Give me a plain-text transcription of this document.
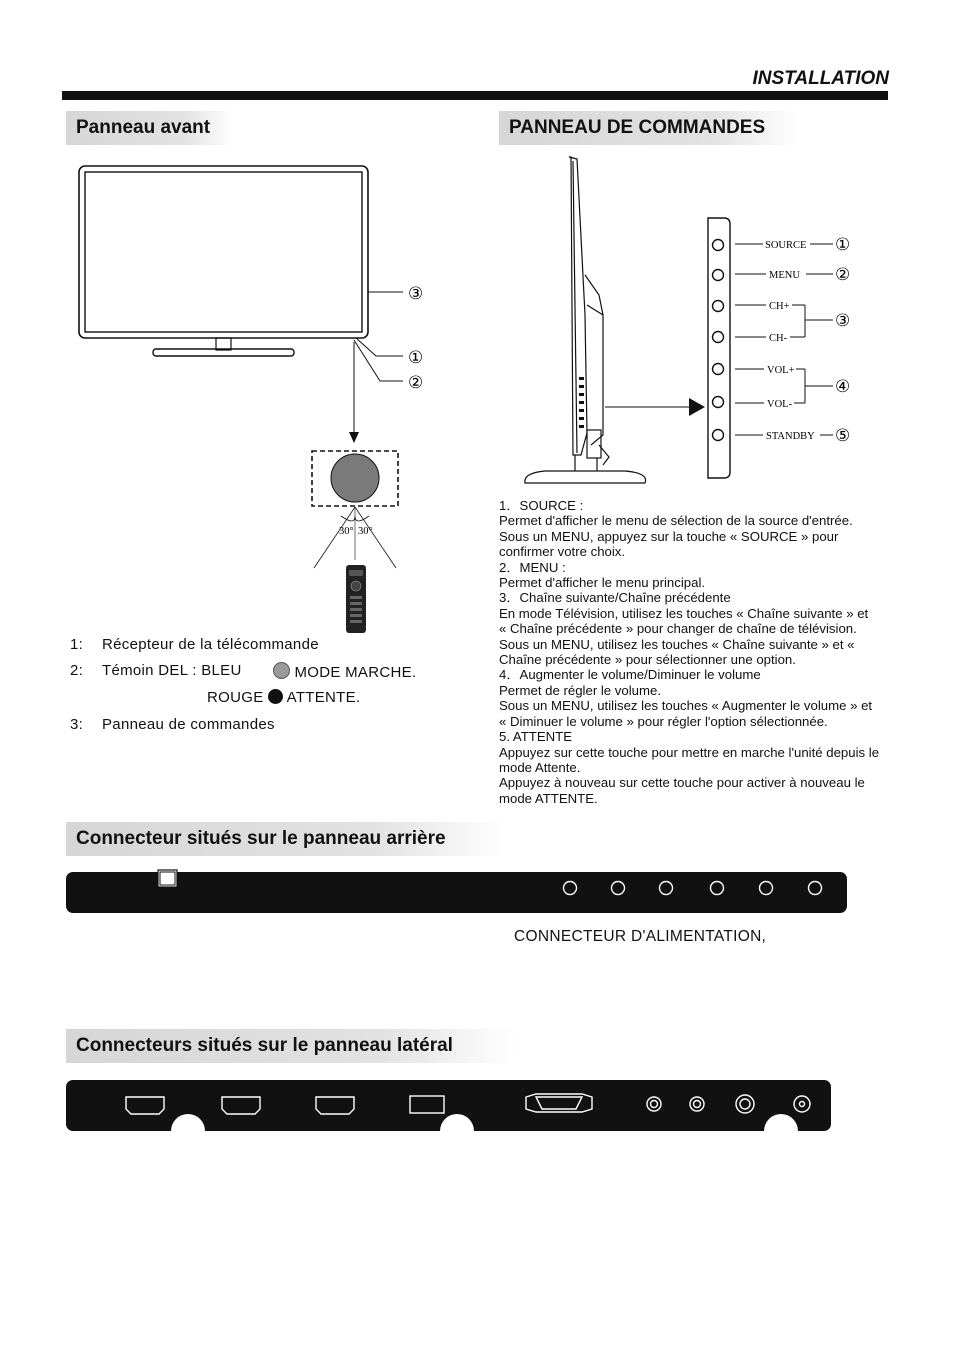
INSTALLATION
Panneau avant
③
①
②
30° 30°
1: Récepteur de la télécommande
2: Témoin DEL : BLEU	MODE MARCHE.
ROUGE ATTENTE.
3: Panneau de commandes
PANNEAU DE COMMANDES
SOURCE ①
MENU ②
CH+
CH-
③
VOL+
VOL-
④
STANDBY ⑤

1．SOURCE :

Permet d'afficher le menu de sélection de la source d'entrée.

Sous un MENU, appuyez sur la touche « SOURCE » pour

confirmer votre choix.

2．MENU :

Permet d'afficher le menu principal.

3．Chaîne suivante/Chaîne précédente

En mode Télévision, utilisez les touches « Chaîne suivante » et

« Chaîne précédente » pour changer de chaîne de télévision.

Sous un MENU, utilisez les touches « Chaîne suivante » et «

Chaîne précédente » pour sélectionner une option.

4．Augmenter le volume/Diminuer le volume

Permet de régler le volume.

Sous un MENU, utilisez les touches « Augmenter le volume » et

« Diminuer le volume » pour régler l'option sélectionnée.

5. ATTENTE

Appuyez sur cette touche pour mettre en marche l'unité depuis le

mode Attente.

Appuyez à nouveau sur cette touche pour activer à nouveau le

mode ATTENTE.

Connecteur situés sur le panneau arrière
CONNECTEUR D'ALIMENTATION,
Connecteurs situés sur le panneau latéral
